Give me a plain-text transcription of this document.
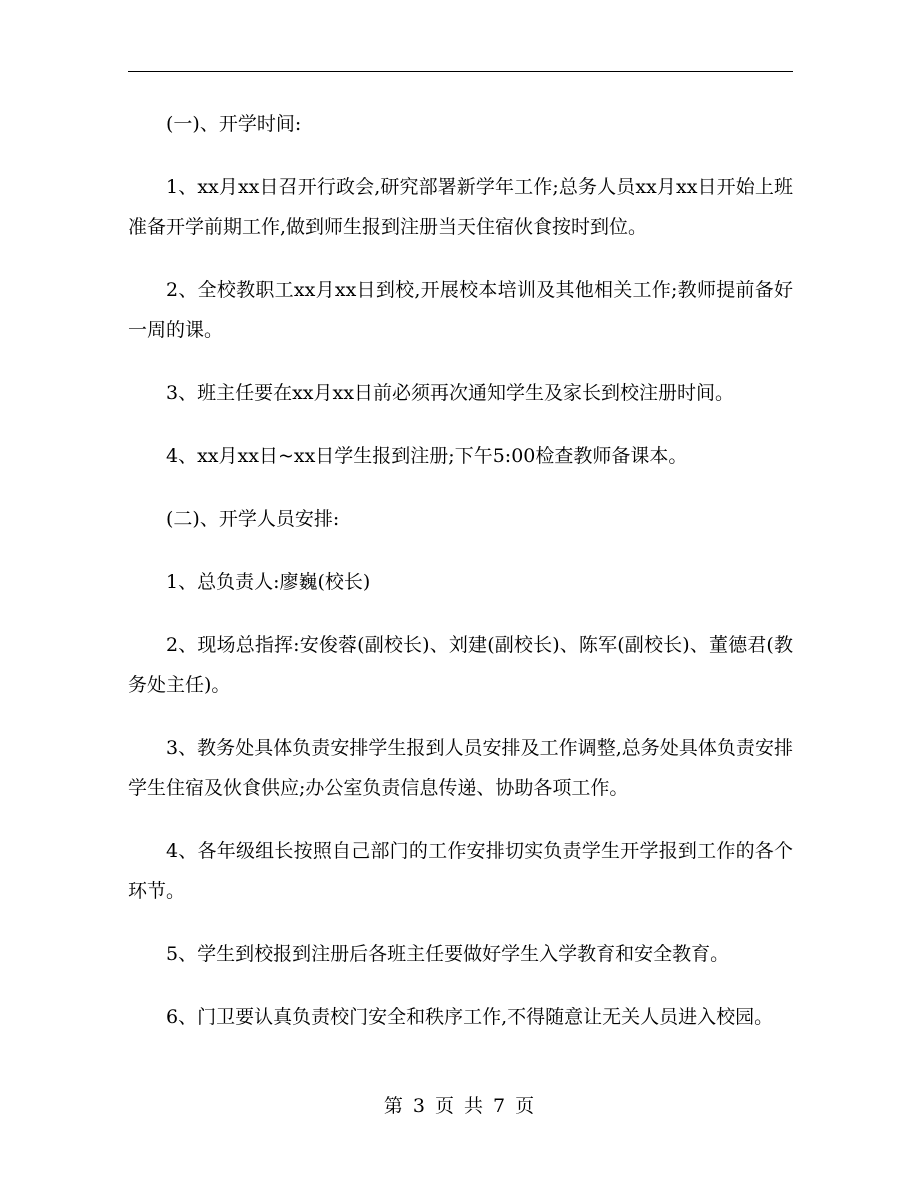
(一)、开学时间:

1、xx月xx日召开行政会,研究部署新学年工作;总务人员xx月xx日开始上班准备开学前期工作,做到师生报到注册当天住宿伙食按时到位。

2、全校教职工xx月xx日到校,开展校本培训及其他相关工作;教师提前备好一周的课。

3、班主任要在xx月xx日前必须再次通知学生及家长到校注册时间。

4、xx月xx日~xx日学生报到注册;下午5:00检查教师备课本。

(二)、开学人员安排:

1、总负责人:廖巍(校长)

2、现场总指挥:安俊蓉(副校长)、刘建(副校长)、陈军(副校长)、董德君(教务处主任)。

3、教务处具体负责安排学生报到人员安排及工作调整,总务处具体负责安排学生住宿及伙食供应;办公室负责信息传递、协助各项工作。

4、各年级组长按照自己部门的工作安排切实负责学生开学报到工作的各个环节。

5、学生到校报到注册后各班主任要做好学生入学教育和安全教育。

6、门卫要认真负责校门安全和秩序工作,不得随意让无关人员进入校园。

第 3 页 共 7 页
